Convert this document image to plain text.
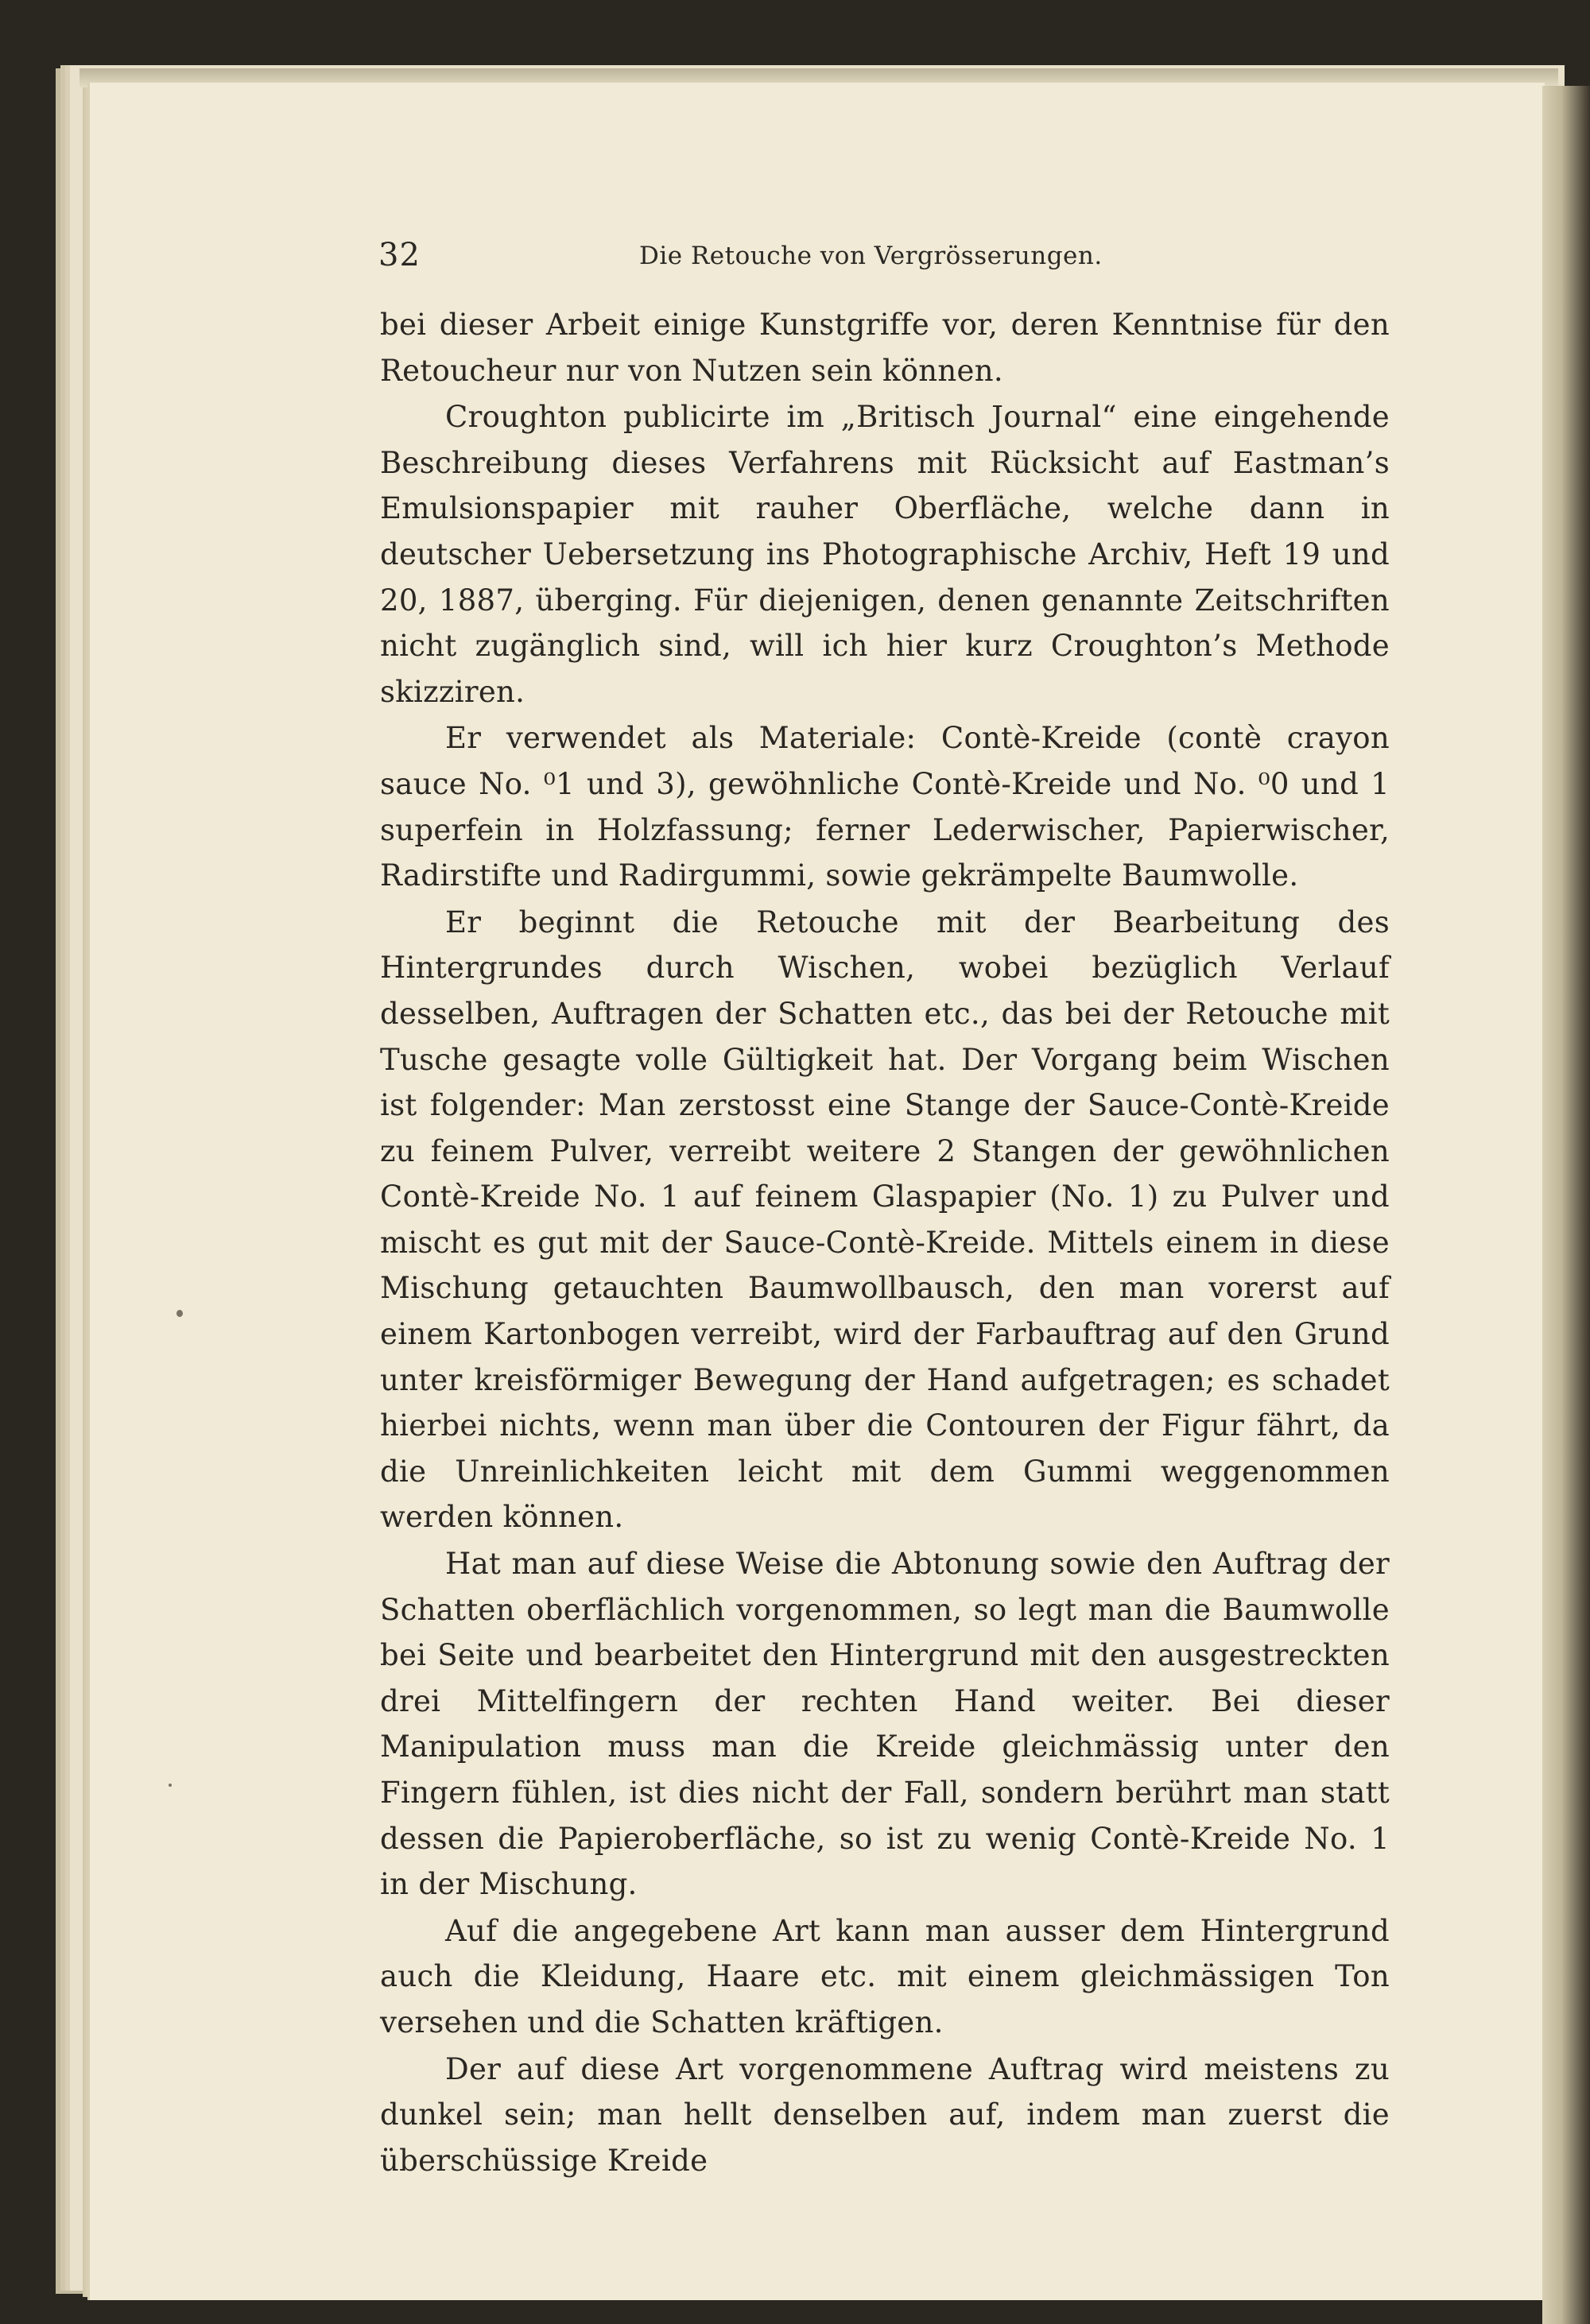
32	Die Retouche von Vergrösserungen.

bei dieser Arbeit einige Kunstgriffe vor, deren Kenntnise für den Retoucheur nur von Nutzen sein können.

Croughton publicirte im „Britisch Journal“ eine eingehende Beschreibung dieses Verfahrens mit Rücksicht auf Eastman’s Emulsionspapier mit rauher Oberfläche, welche dann in deutscher Uebersetzung ins Photographische Archiv, Heft 19 und 20, 1887, überging. Für diejenigen, denen genannte Zeitschriften nicht zugänglich sind, will ich hier kurz Croughton’s Methode skizziren.

Er verwendet als Materiale: Contè-Kreide (contè crayon sauce No. ⁰1 und 3), gewöhnliche Contè-Kreide und No. ⁰0 und 1 superfein in Holzfassung; ferner Lederwischer, Papierwischer, Radirstifte und Radirgummi, sowie gekrämpelte Baumwolle.

Er beginnt die Retouche mit der Bearbeitung des Hintergrundes durch Wischen, wobei bezüglich Verlauf desselben, Auftragen der Schatten etc., das bei der Retouche mit Tusche gesagte volle Gültigkeit hat. Der Vorgang beim Wischen ist folgender: Man zerstosst eine Stange der Sauce-Contè-Kreide zu feinem Pulver, verreibt weitere 2 Stangen der gewöhnlichen Contè-Kreide No. 1 auf feinem Glaspapier (No. 1) zu Pulver und mischt es gut mit der Sauce-Contè-Kreide. Mittels einem in diese Mischung getauchten Baumwollbausch, den man vorerst auf einem Kartonbogen verreibt, wird der Farbauftrag auf den Grund unter kreisförmiger Bewegung der Hand aufgetragen; es schadet hierbei nichts, wenn man über die Contouren der Figur fährt, da die Unreinlichkeiten leicht mit dem Gummi weggenommen werden können.

Hat man auf diese Weise die Abtonung sowie den Auftrag der Schatten oberflächlich vorgenommen, so legt man die Baumwolle bei Seite und bearbeitet den Hintergrund mit den ausgestreckten drei Mittelfingern der rechten Hand weiter. Bei dieser Manipulation muss man die Kreide gleichmässig unter den Fingern fühlen, ist dies nicht der Fall, sondern berührt man statt dessen die Papieroberfläche, so ist zu wenig Contè-Kreide No. 1 in der Mischung.

Auf die angegebene Art kann man ausser dem Hintergrund auch die Kleidung, Haare etc. mit einem gleichmässigen Ton versehen und die Schatten kräftigen.

Der auf diese Art vorgenommene Auftrag wird meistens zu dunkel sein; man hellt denselben auf, indem man zuerst die überschüssige Kreide
